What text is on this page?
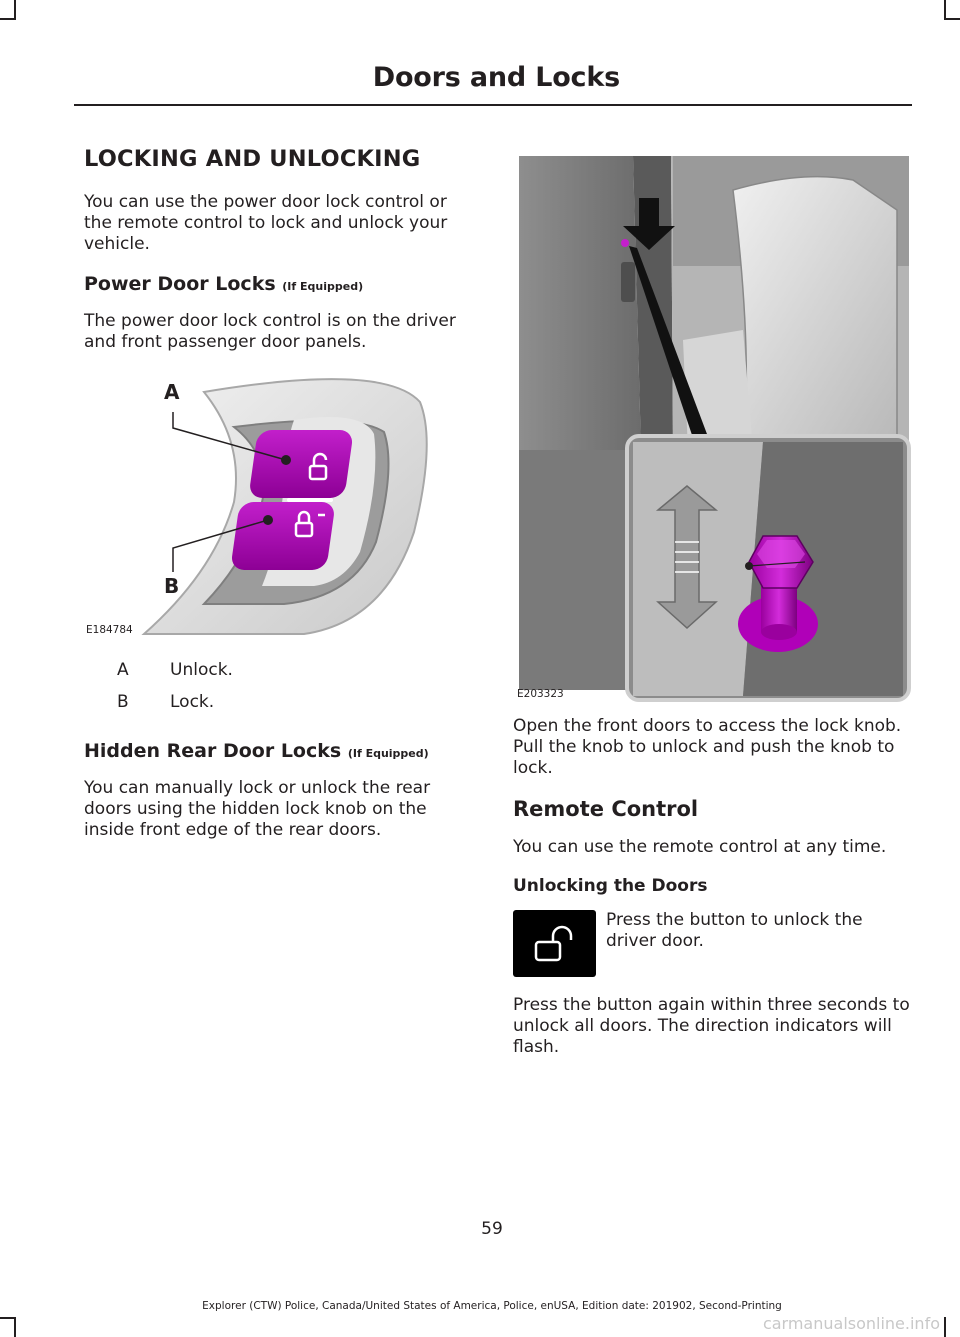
Doors and Locks
LOCKING AND UNLOCKING

You can use the power door lock control or the remote control to lock and unlock your vehicle.

Power Door Locks (If Equipped)

The power door lock control is on the driver and front passenger door panels.

A
B
E184784
A	Unlock.
B	Lock.
Hidden Rear Door Locks (If Equipped)

You can manually lock or unlock the rear doors using the hidden lock knob on the inside front edge of the rear doors.

E203323

Open the front doors to access the lock knob. Pull the knob to unlock and push the knob to lock.

Remote Control

You can use the remote control at any time.

Unlocking the Doors

Press the button to unlock the driver door.

Press the button again within three seconds to unlock all doors. The direction indicators will flash.

59
Explorer (CTW) Police, Canada/United States of America, Police, enUSA, Edition date: 201902, Second-Printing
carmanualsonline.info
